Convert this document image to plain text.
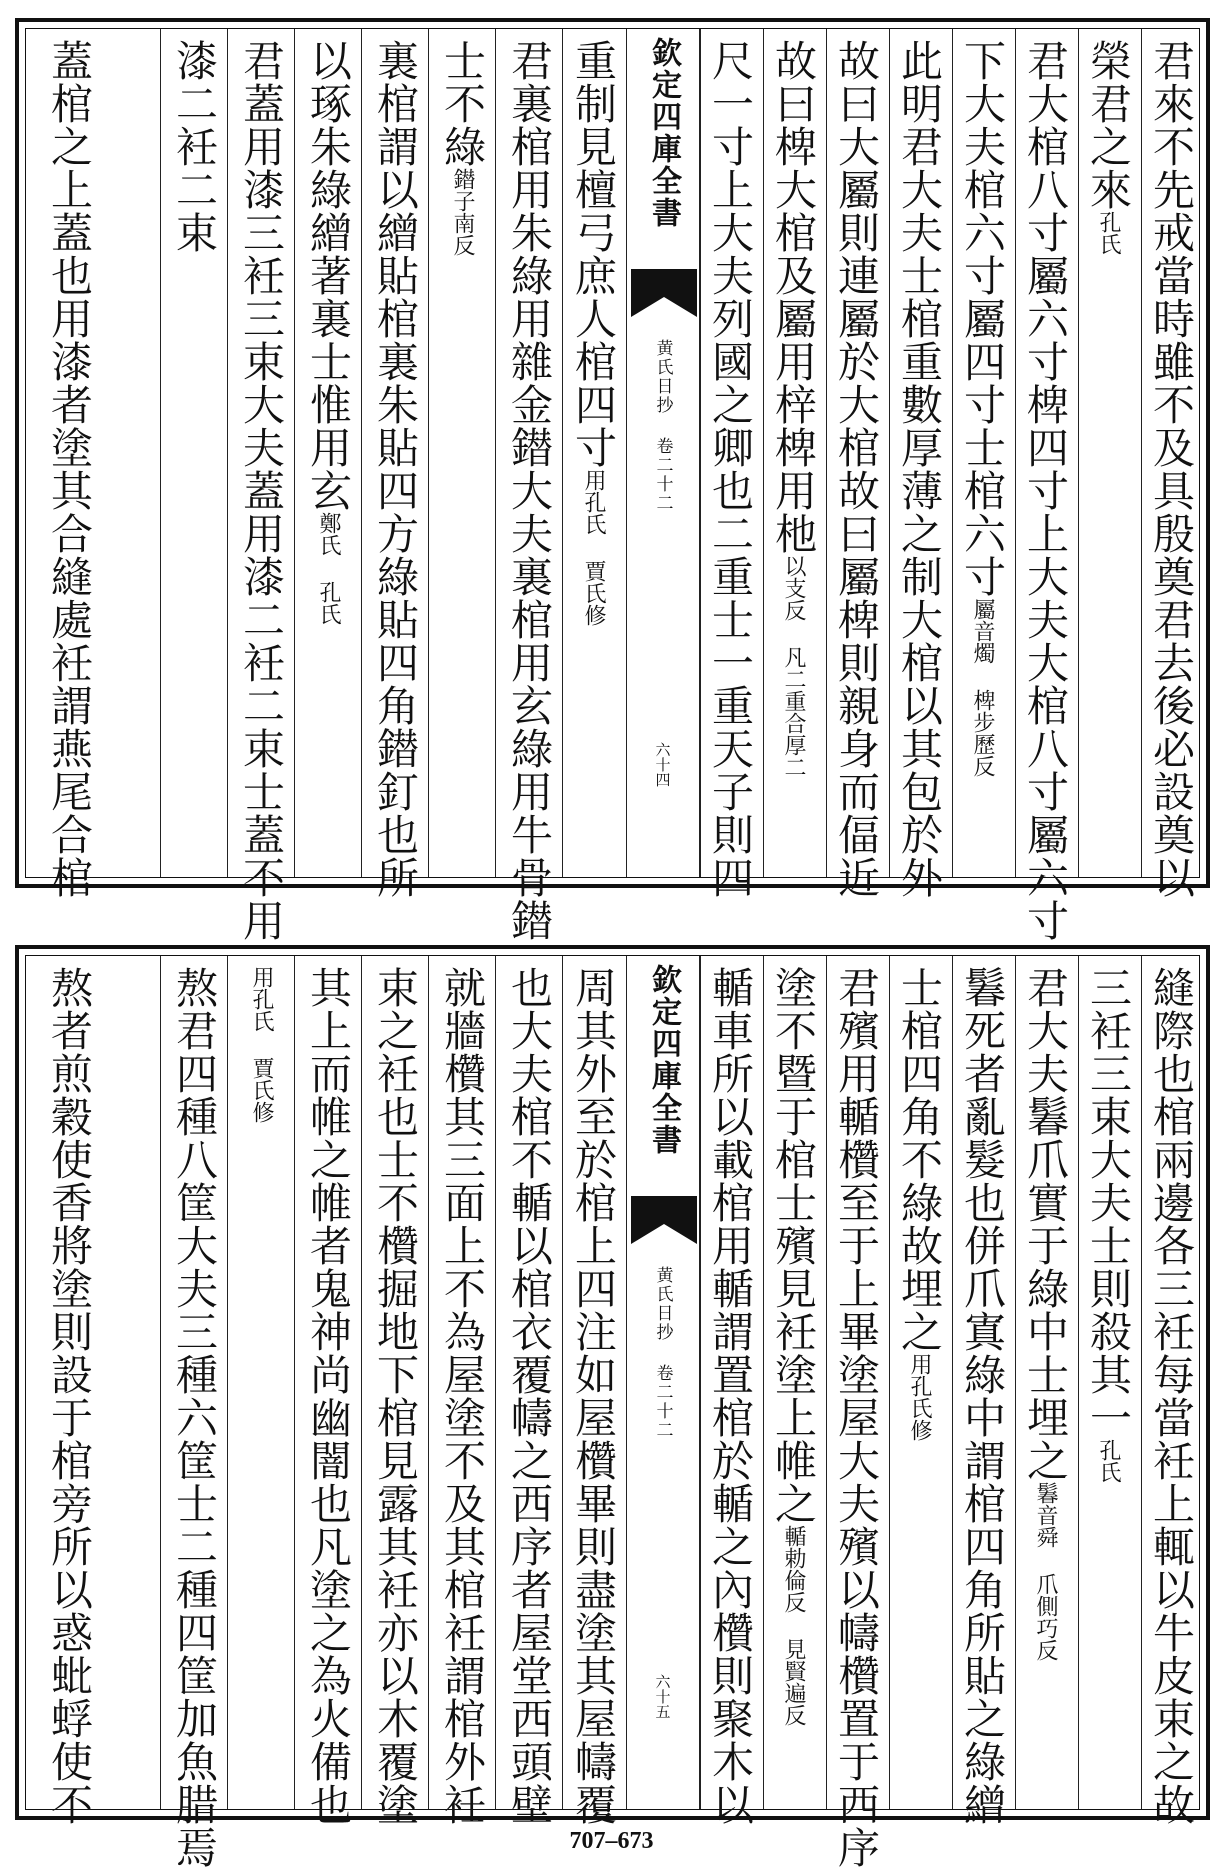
君來不先戒當時雖不及具殷奠君去後必設奠以
榮君之來孔氏
君大棺八寸屬六寸椑四寸上大夫大棺八寸屬六寸
下大夫棺六寸屬四寸士棺六寸屬音燭 椑步歷反
此明君大夫士棺重數厚薄之制大棺以其包於外
故曰大屬則連屬於大棺故曰屬椑則親身而偪近
故曰椑大棺及屬用梓椑用杝以支反 凡二重合厚二
尺一寸上大夫列國之卿也二重士一重天子則四
欽定四庫全書
黄氏日抄 卷二十二
六十四
重制見檀弓庶人棺四寸用孔氏 賈氏修
君裏棺用朱綠用雜金鐟大夫裏棺用玄綠用牛骨鐟
士不綠鐟子南反
裏棺謂以繒貼棺裏朱貼四方綠貼四角鐟釘也所
以琢朱綠繒著裏士惟用玄鄭氏 孔氏
君蓋用漆三衽三束大夫蓋用漆二衽二束士蓋不用
漆二衽二束
蓋棺之上蓋也用漆者塗其合縫處衽謂燕尾合棺
縫際也棺兩邊各三衽每當衽上輒以牛皮束之故
三衽三束大夫士則殺其一孔氏
君大夫鬊爪實于綠中士埋之鬊音舜 爪側巧反
鬊死者亂髮也併爪寘綠中謂棺四角所貼之綠繒
士棺四角不綠故埋之用孔氏修
君殯用輴欑至于上畢塗屋大夫殯以幬欑置于西序
塗不暨于棺士殯見衽塗上帷之輴勅倫反 見賢遍反
輴車所以載棺用輴謂置棺於輴之內欑則聚木以
欽定四庫全書
黄氏日抄 卷二十二
六十五
周其外至於棺上四注如屋欑畢則盡塗其屋幬覆
也大夫棺不輴以棺衣覆幬之西序者屋堂西頭壁
就牆欑其三面上不為屋塗不及其棺衽謂棺外衽
束之衽也士不欑掘地下棺見露其衽亦以木覆塗
其上而帷之帷者鬼神尚幽闇也凡塗之為火備也
用孔氏 賈氏修
熬君四種八筐大夫三種六筐士二種四筐加魚腊焉
熬者煎穀使香將塗則設于棺旁所以惑蚍蜉使不
707–673
